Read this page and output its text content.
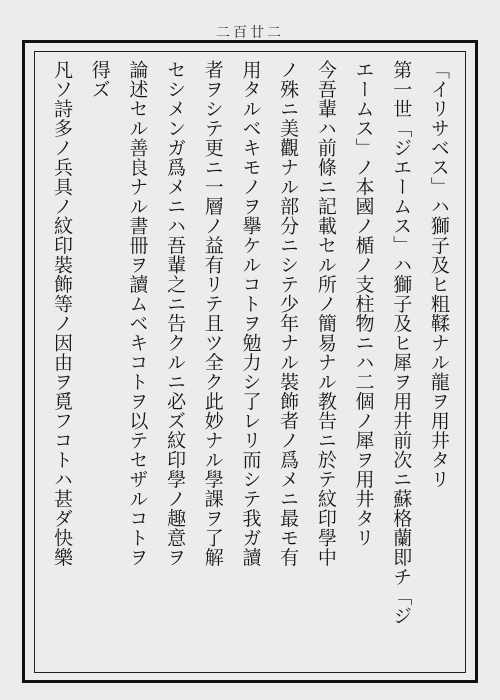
二百廿二
「イリサベス」ハ獅子及ヒ粗鞣ナル龍ヲ用井タリ
第一世「ジエームス」ハ獅子及ヒ犀ヲ用井前次ニ蘇格蘭即チ「ジ
エームス」ノ本國ノ楯ノ支柱物ニハ二個ノ犀ヲ用井タリ
今吾輩ハ前條ニ記載セル所ノ簡易ナル教告ニ於テ紋印學中
ノ殊ニ美觀ナル部分ニシテ少年ナル裝飾者ノ爲メニ最モ有
用タルベキモノヲ擧ケルコトヲ勉力シ了レリ而シテ我ガ讀
者ヲシテ更ニ一層ノ益有リテ且ツ全ク此妙ナル學課ヲ了解
セシメンガ爲メニハ吾輩之ニ告クルニ必ズ紋印學ノ趣意ヲ
論述セル善良ナル書冊ヲ讀ムベキコトヲ以テセザルコトヲ
得ズ
凡ソ詩多ノ兵具ノ紋印裝飾等ノ因由ヲ覓フコトハ甚ダ快樂
